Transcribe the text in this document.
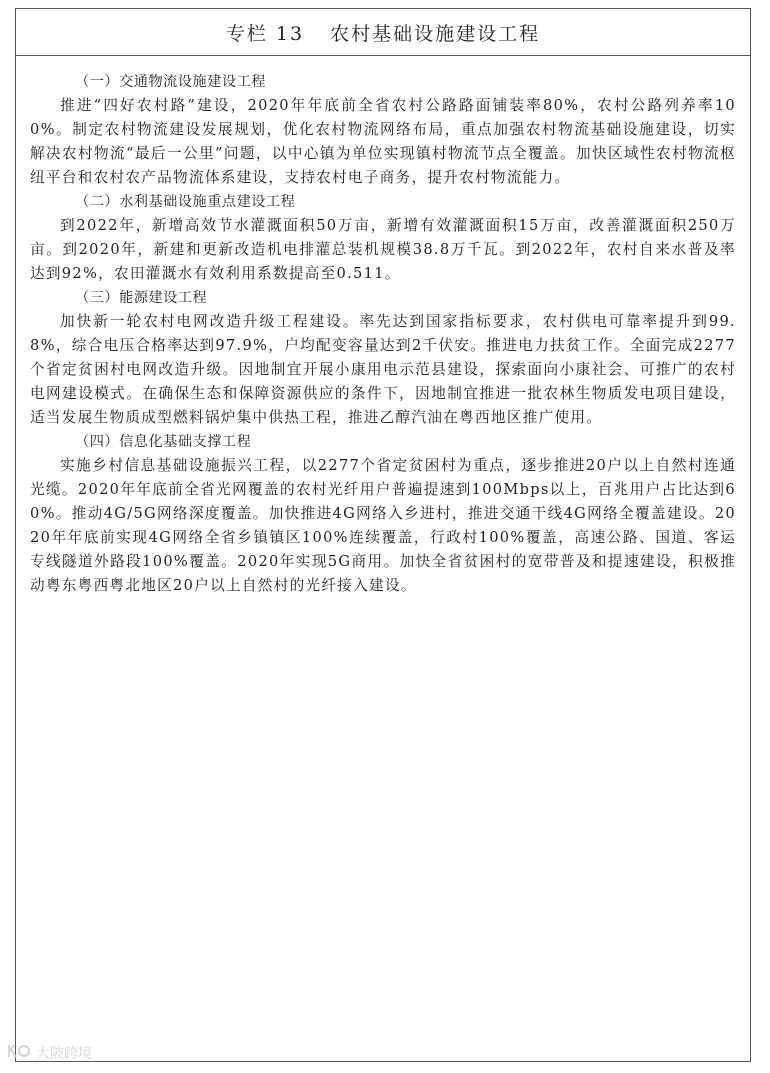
专栏 13 农村基础设施建设工程

（一）交通物流设施建设工程

推进“四好农村路”建设，2020年年底前全省农村公路路面铺装率80%，农村公路列养率100%。制定农村物流建设发展规划，优化农村物流网络布局，重点加强农村物流基础设施建设，切实解决农村物流“最后一公里”问题，以中心镇为单位实现镇村物流节点全覆盖。加快区域性农村物流枢纽平台和农村农产品物流体系建设，支持农村电子商务，提升农村物流能力。

（二）水利基础设施重点建设工程

到2022年，新增高效节水灌溉面积50万亩，新增有效灌溉面积15万亩，改善灌溉面积250万亩。到2020年，新建和更新改造机电排灌总装机规模38.8万千瓦。到2022年，农村自来水普及率达到92%，农田灌溉水有效利用系数提高至0.511。

（三）能源建设工程

加快新一轮农村电网改造升级工程建设。率先达到国家指标要求，农村供电可靠率提升到99.8%，综合电压合格率达到97.9%，户均配变容量达到2千伏安。推进电力扶贫工作。全面完成2277个省定贫困村电网改造升级。因地制宜开展小康用电示范县建设，探索面向小康社会、可推广的农村电网建设模式。在确保生态和保障资源供应的条件下，因地制宜推进一批农林生物质发电项目建设，适当发展生物质成型燃料锅炉集中供热工程，推进乙醇汽油在粤西地区推广使用。

（四）信息化基础支撑工程

实施乡村信息基础设施振兴工程，以2277个省定贫困村为重点，逐步推进20户以上自然村连通光缆。2020年年底前全省光网覆盖的农村光纤用户普遍提速到100Mbps以上，百兆用户占比达到60%。推动4G/5G网络深度覆盖。加快推进4G网络入乡进村，推进交通干线4G网络全覆盖建设。2020年年底前实现4G网络全省乡镇镇区100%连续覆盖，行政村100%覆盖，高速公路、国道、客运专线隧道外路段100%覆盖。2020年实现5G商用。加快全省贫困村的宽带普及和提速建设，积极推动粤东粤西粤北地区20户以上自然村的光纤接入建设。

大陂跨境
